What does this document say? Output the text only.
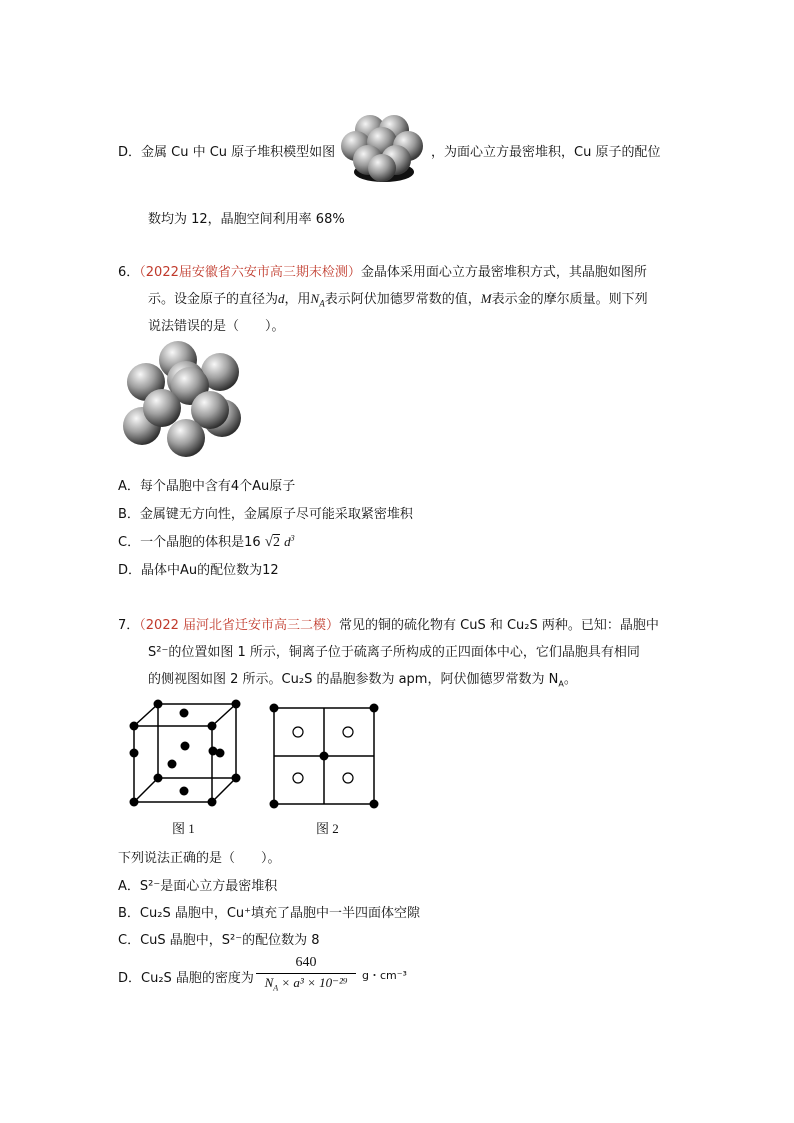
D．金属 Cu 中 Cu 原子堆积模型如图	，为面心立方最密堆积，Cu 原子的配位
数均为 12，晶胞空间利用率 68%
6．（2022届安徽省六安市高三期末检测）金晶体采用面心立方最密堆积方式，其晶胞如图所
示。设金原子的直径为d，用$N_A$表示阿伏加德罗常数的值，M表示金的摩尔质量。则下列
说法错误的是（　　）。
A．每个晶胞中含有4个Au原子
B．金属键无方向性，金属原子尽可能采取紧密堆积
C．一个晶胞的体积是16 √2 $d^3$
D．晶体中Au的配位数为12
7．（2022 届河北省迁安市高三二模）常见的铜的硫化物有 CuS 和 Cu₂S 两种。已知：晶胞中
S²⁻的位置如图 1 所示，铜离子位于硫离子所构成的正四面体中心，它们晶胞具有相同
的侧视图如图 2 所示。Cu₂S 的晶胞参数为 apm，阿伏伽德罗常数为 $N_A$。
图 1	图 2
下列说法正确的是（　　）。
A．S²⁻是面心立方最密堆积
B．Cu₂S 晶胞中，Cu⁺填充了晶胞中一半四面体空隙
C．CuS 晶胞中，S²⁻的配位数为 8
D．Cu₂S 晶胞的密度为
640
$N_A \times a^3 \times 10^{-29}$	g・cm⁻³
